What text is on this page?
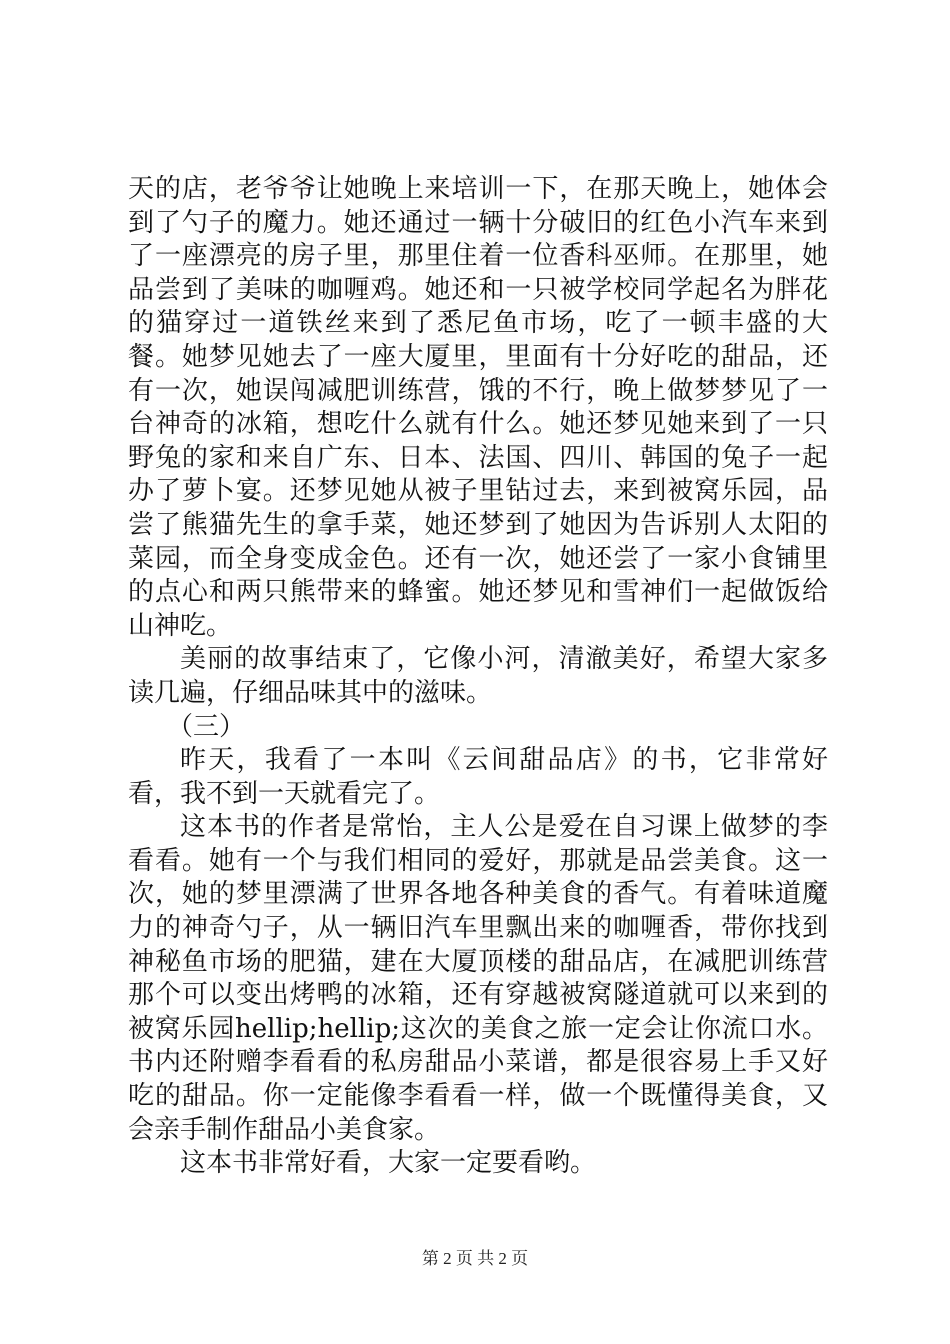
天的店，老爷爷让她晚上来培训一下，在那天晚上，她体会到了勺子的魔力。她还通过一辆十分破旧的红色小汽车来到了一座漂亮的房子里，那里住着一位香科巫师。在那里，她品尝到了美味的咖喱鸡。她还和一只被学校同学起名为胖花的猫穿过一道铁丝来到了悉尼鱼市场，吃了一顿丰盛的大餐。她梦见她去了一座大厦里，里面有十分好吃的甜品，还有一次，她误闯减肥训练营，饿的不行，晚上做梦梦见了一台神奇的冰箱，想吃什么就有什么。她还梦见她来到了一只野兔的家和来自广东、日本、法国、四川、韩国的兔子一起办了萝卜宴。还梦见她从被子里钻过去，来到被窝乐园，品尝了熊猫先生的拿手菜，她还梦到了她因为告诉别人太阳的菜园，而全身变成金色。还有一次，她还尝了一家小食铺里的点心和两只熊带来的蜂蜜。她还梦见和雪神们一起做饭给山神吃。

美丽的故事结束了，它像小河，清澈美好，希望大家多读几遍，仔细品味其中的滋味。

（三）

昨天，我看了一本叫《云间甜品店》的书，它非常好看，我不到一天就看完了。

这本书的作者是常怡，主人公是爱在自习课上做梦的李看看。她有一个与我们相同的爱好，那就是品尝美食。这一次，她的梦里漂满了世界各地各种美食的香气。有着味道魔力的神奇勺子，从一辆旧汽车里飘出来的咖喱香，带你找到神秘鱼市场的肥猫，建在大厦顶楼的甜品店，在减肥训练营那个可以变出烤鸭的冰箱，还有穿越被窝隧道就可以来到的被窝乐园hellip;hellip;这次的美食之旅一定会让你流口水。书内还附赠李看看的私房甜品小菜谱，都是很容易上手又好吃的甜品。你一定能像李看看一样，做一个既懂得美食，又会亲手制作甜品小美食家。

这本书非常好看，大家一定要看哟。

第 2 页 共 2 页
